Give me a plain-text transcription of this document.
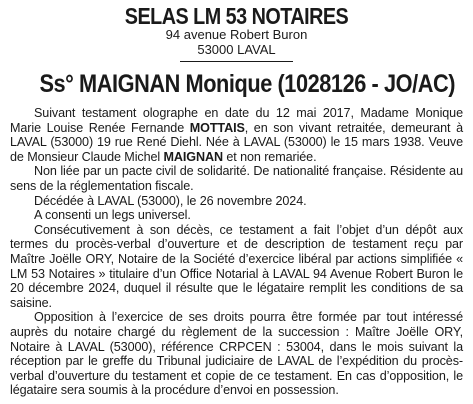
SELAS LM 53 NOTAIRES
94 avenue Robert Buron
53000 LAVAL
Ss° MAIGNAN Monique (1028126 - JO/AC)

Suivant testament olographe en date du 12 mai 2017, Madame Monique Marie Louise Renée Fernande MOTTAIS, en son vivant retraitée, demeurant à LAVAL (53000) 19 rue René Diehl. Née à LAVAL (53000) le 15 mars 1938. Veuve de Monsieur Claude Michel MAIGNAN et non remariée.

Non liée par un pacte civil de solidarité. De nationalité française. Résidente au sens de la réglementation fiscale.

Décédée à LAVAL (53000), le 26 novembre 2024.

A consenti un legs universel.

Consécutivement à son décès, ce testament a fait l’objet d’un dépôt aux termes du procès-verbal d’ouverture et de description de testament reçu par Maître Joëlle ORY, Notaire de la Société d’exercice libéral par actions simplifiée « LM 53 Notaires » titulaire d’un Office Notarial à LAVAL 94 Avenue Robert Buron le 20 décembre 2024, duquel il résulte que le légataire remplit les conditions de sa saisine.

Opposition à l’exercice de ses droits pourra être formée par tout intéressé auprès du notaire chargé du règlement de la succession : Maître Joëlle ORY, Notaire à LAVAL (53000), référence CRPCEN : 53004, dans le mois suivant la réception par le greffe du Tribunal judiciaire de LAVAL de l’expédition du procès-verbal d’ouverture du testament et copie de ce testament. En cas d’opposition, le légataire sera soumis à la procédure d’envoi en possession.
